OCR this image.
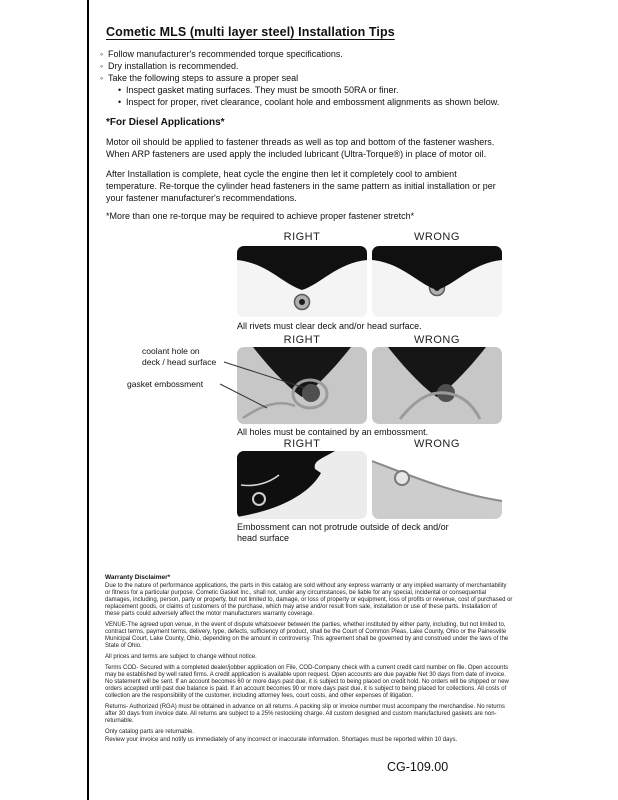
Cometic MLS (multi layer steel) Installation Tips
◦
Follow manufacturer's recommended torque specifications.
◦
Dry installation is recommended.
◦
Take the following steps to assure a proper seal
•
Inspect gasket mating surfaces. They must be smooth 50RA or finer.
•
Inspect for proper, rivet clearance, coolant hole and embossment alignments as shown below.
*For Diesel Applications*
Motor oil should be applied to fastener threads as well as top and bottom of the fastener washers. When ARP fasteners are used apply the included lubricant (Ultra-Torque®) in place of motor oil.
After Installation is complete, heat cycle the engine then let it completely cool to ambient temperature. Re-torque the cylinder head fasteners in the same pattern as initial installation or per your fastener manufacturer's recommendations.
*More than one re-torque may be required to achieve proper fastener stretch*
RIGHT	WRONG
All rivets must clear deck and/or head surface.
RIGHT	WRONG
coolant hole on
deck / head surface
gasket embossment
All holes must be contained by an embossment.
RIGHT	WRONG
Embossment can not protrude outside of deck and/or head surface
Warranty Disclaimer*

Due to the nature of performance applications, the parts in this catalog are sold without any express warranty or any implied warranty of merchantability or fitness for a particular purpose. Cometic Gasket Inc., shall not, under any circumstances, be liable for any special, incidental or consequential damages, including, person, party or property, but not limited to, damage, or loss of property or equipment, loss of profits or revenue, cost of purchased or replacement goods, or claims of customers of the purchase, which may arise and/or result from sale, installation or use of these parts. Installation of these parts could adversely affect the motor manufacturers warranty coverage.

VENUE-The agreed upon venue, in the event of dispute whatsoever between the parties, whether instituted by either party, including, but not limited to, contract terms, payment terms, delivery, type, defects, sufficiency of product, shall be the Court of Common Pleas, Lake County, Ohio or the Painesville Municipal Court, Lake County, Ohio, depending on the amount in controversy. This agreement shall be governed by and construed under the laws of the State of Ohio.

All prices and terms are subject to change without notice.

Terms COD- Secured with a completed dealer/jobber application on File, COD-Company check with a current credit card number on file. Open accounts may be established by well rated firms. A credit application is available upon request. Open accounts are due payable Net 30 days from date of invoice. No statement will be sent. If an account becomes 60 or more days past due, it is subject to being placed on credit hold. No orders will be shipped or new orders accepted until past due balance is paid. If an account becomes 90 or more days past due, it is subject to being placed for collections. All costs of collection are the responsibility of the customer, including attorney fees, court costs, and other expenses of litigation.

Returns- Authorized (RGA) must be obtained in advance on all returns. A packing slip or invoice number must accompany the merchandise. No returns after 30 days from invoice date. All returns are subject to a 25% restocking charge. All custom designed and custom manufactured gaskets are non-returnable.

Only catalog parts are returnable.

Review your invoice and notify us immediately of any incorrect or inaccurate information. Shortages must be reported within 10 days.

CG-109.00
